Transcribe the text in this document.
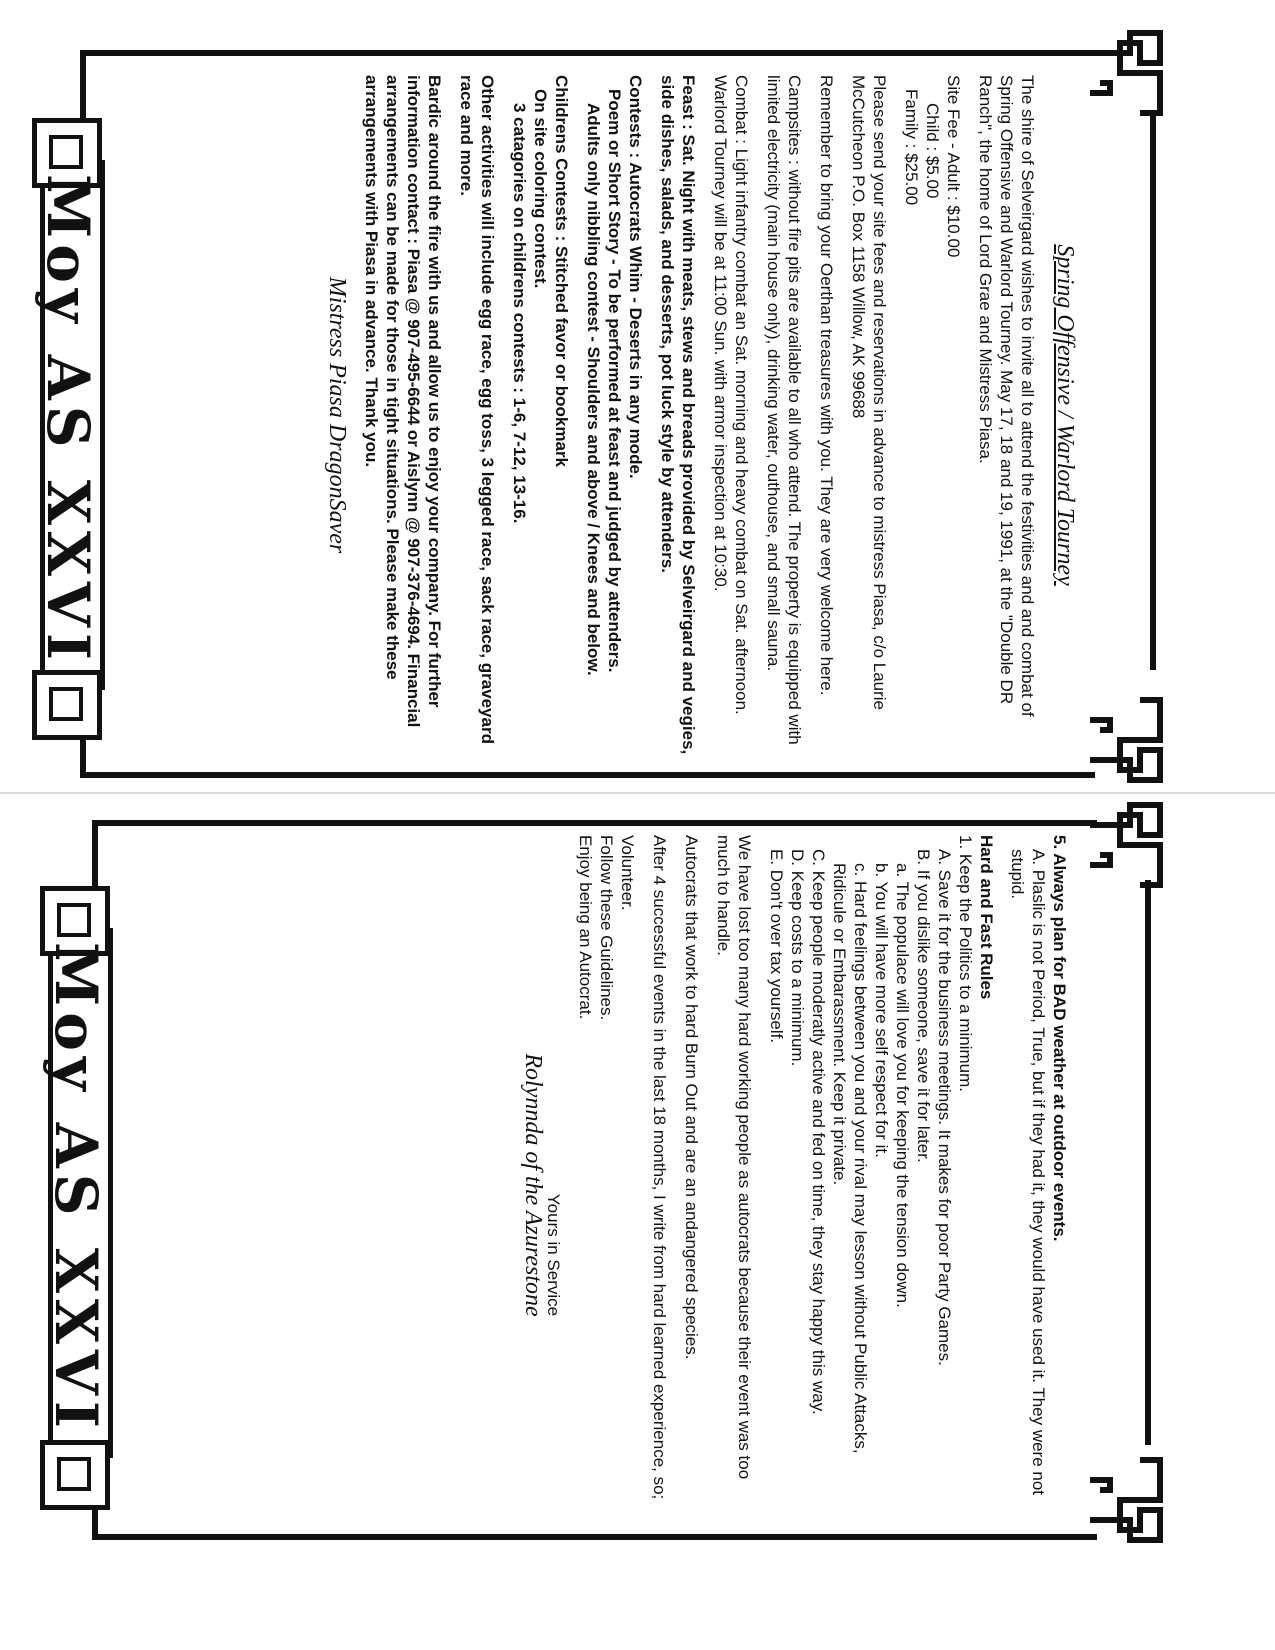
Moy AS XXVI	Spring Offensive / Warlord Tourney

The shire of Selveirgard wishes to invite all to attend the festivities and and combat of Spring Offensive and Warlord Tourney. May 17, 18 and 19, 1991, at the "Double DR Ranch", the home of Lord Grae and Mistress Piasa.

Site Fee - Adult : $10.00
Child : $5.00
Family : $25.00

Please send your site fees and reservations in advance to mistress Piasa, c/o Laurie McCutcheon P.O. Box 1158 Willow, AK 99688

Remember to bring your Oerthan treasures with you. They are very welcome here.

Campsites : without fire pits are available to all who attend. The property is equipped with limited electricity (main house only), drinking water, outhouse, and small sauna.

Combat : Light infantry combat an Sat. morning and heavy combat on Sat. afternoon. Warlord Tourney will be at 11:00 Sun. with armor inspection at 10:30.

Feast : Sat. Night with meats, stews and breads provided by Selveirgard and vegies, side dishes, salads, and desserts, pot luck style by attenders.

Contests : Autocrats Whim - Deserts in any mode.
Poem or Short Story - To be performed at feast and judged by attenders.
Adults only nibbling contest - Shoulders and above / Knees and below.

Childrens Contests : Stitched favor or bookmark
On site coloring contest.
3 catagories on childrens contests : 1-6, 7-12, 13-16.

Other activities will include egg race, egg toss, 3 legged race, sack race, graveyard race and more.

Bardic around the fire with us and allow us to enjoy your company. For further information contact : Piasa @ 907-495-6644 or Aislynn @ 907-376-4694. Financial arrangements can be made for those in tight situations. Please make these arrangements with Piasa in advance. Thank you.

Mistress Piasa DragonSaver
Moy AS XXVI	5. Always plan for BAD weather at outdoor events.
A. Plaslic is not Period, True, but if they had it, they would have used it. They were not stupid.

Hard and Fast Rules
1. Keep the Politics to a minimum.
A. Save it for the business meetings. It makes for poor Party Games.
B. If you dislike someone, save it for later.
a. The populace will love you for keeping the tension down.
b. You will have more self respect for it.
c. Hard feelings between you and your rival may lesson without Public Attacks, Ridicule or Embarassment. Keep it private.
C. Keep people moderatly active and fed on time, they stay happy this way.
D. Keep costs to a minimum.
E. Don't over tax yourself.

We have lost too many hard working people as autocrats because their event was too much to handle.

Autocrats that work to hard Burn Out and are an andangered species.

After 4 successful events in the last 18 months, I write from hard learned experience, so;

Volunteer.
Follow these Guidelines.
Enjoy being an Autocrat.

Yours in Service
Rolynnda of the Azurestone
